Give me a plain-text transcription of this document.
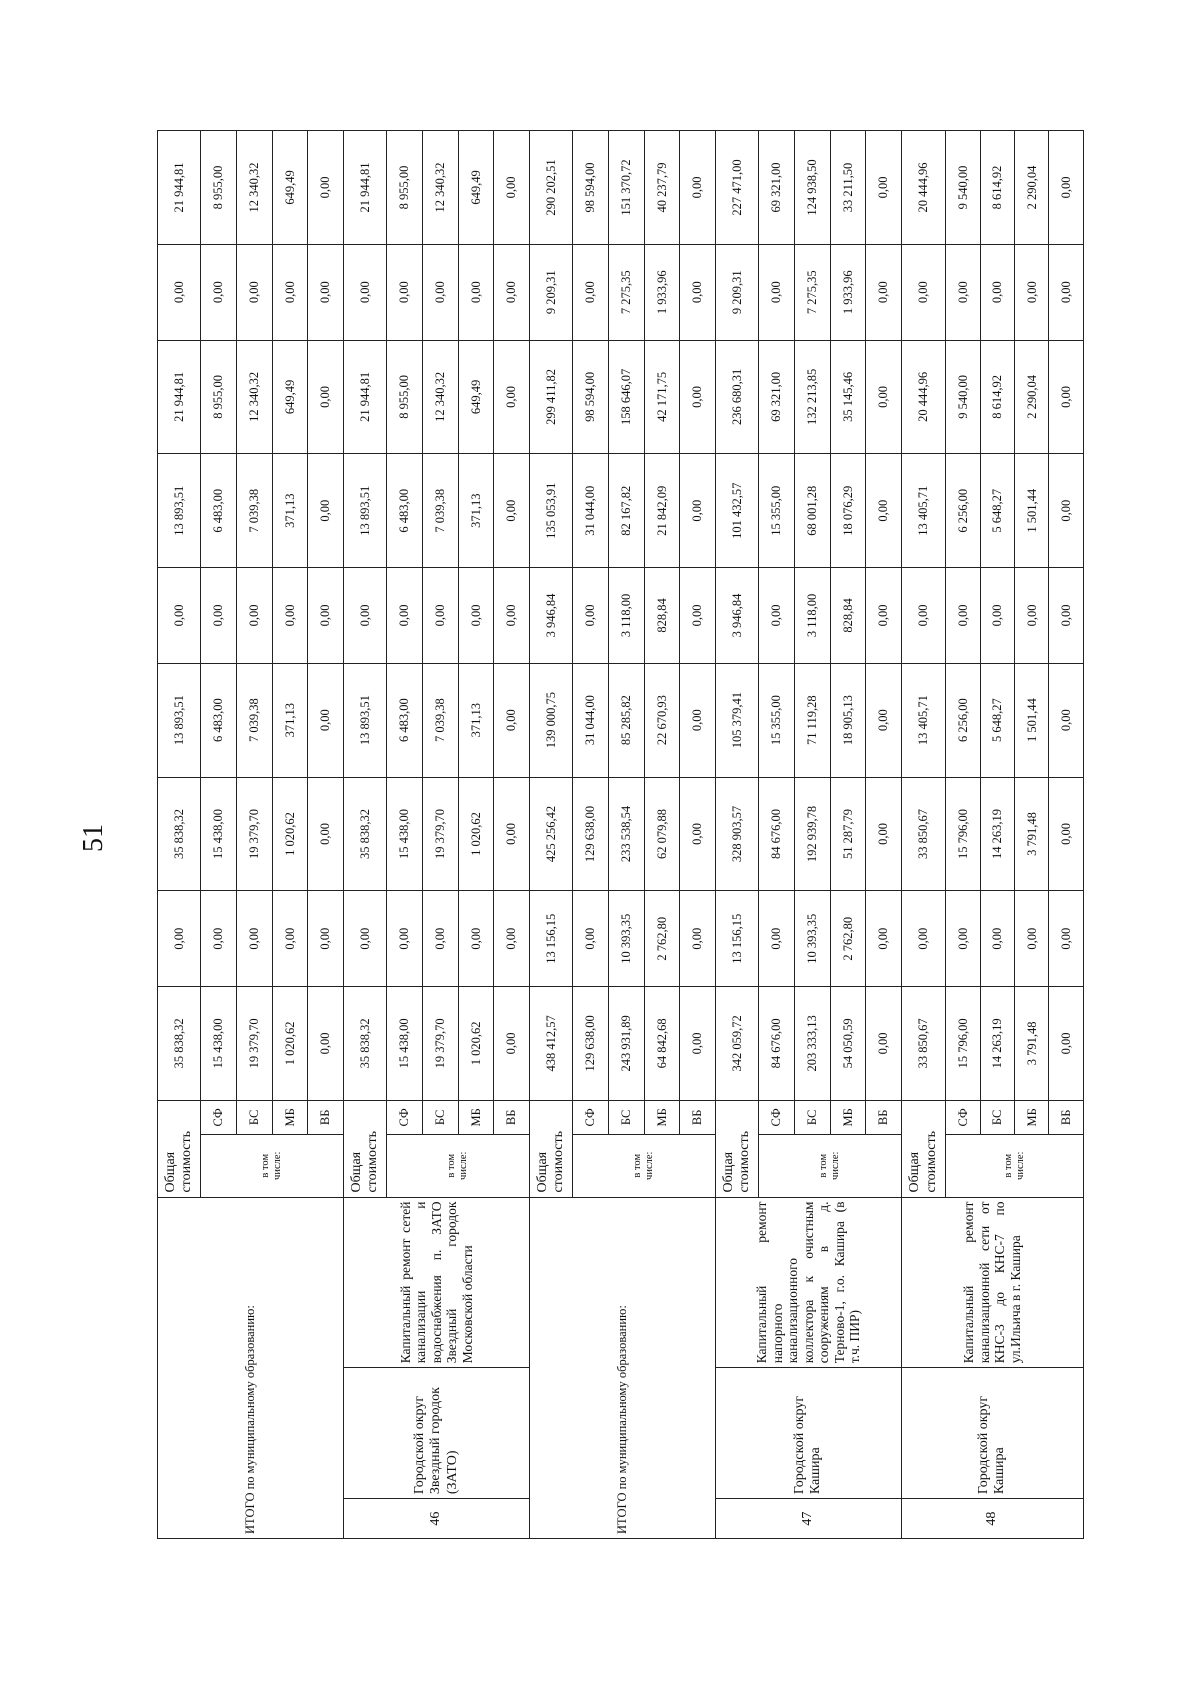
51
ИТОГО по муниципальному образованию:			Общая стоимость		35 838,32	0,00	35 838,32	13 893,51	0,00	13 893,51	21 944,81	0,00	21 944,81
			в том числе:	СФ	15 438,00	0,00	15 438,00	6 483,00	0,00	6 483,00	8 955,00	0,00	8 955,00
				БС	19 379,70	0,00	19 379,70	7 039,38	0,00	7 039,38	12 340,32	0,00	12 340,32
				МБ	1 020,62	0,00	1 020,62	371,13	0,00	371,13	649,49	0,00	649,49
				ВБ	0,00	0,00	0,00	0,00	0,00	0,00	0,00	0,00	0,00
46	Городской округ Звездный городок (ЗАТО)	Капитальный ремонт сетей канализации и водоснабжения п. ЗАТО Звездный городок Московской области	Общая стоимость		35 838,32	0,00	35 838,32	13 893,51	0,00	13 893,51	21 944,81	0,00	21 944,81
			в том числе:	СФ	15 438,00	0,00	15 438,00	6 483,00	0,00	6 483,00	8 955,00	0,00	8 955,00
				БС	19 379,70	0,00	19 379,70	7 039,38	0,00	7 039,38	12 340,32	0,00	12 340,32
				МБ	1 020,62	0,00	1 020,62	371,13	0,00	371,13	649,49	0,00	649,49
				ВБ	0,00	0,00	0,00	0,00	0,00	0,00	0,00	0,00	0,00
ИТОГО по муниципальному образованию:			Общая стоимость		438 412,57	13 156,15	425 256,42	139 000,75	3 946,84	135 053,91	299 411,82	9 209,31	290 202,51
			в том числе:	СФ	129 638,00	0,00	129 638,00	31 044,00	0,00	31 044,00	98 594,00	0,00	98 594,00
				БС	243 931,89	10 393,35	233 538,54	85 285,82	3 118,00	82 167,82	158 646,07	7 275,35	151 370,72
				МБ	64 842,68	2 762,80	62 079,88	22 670,93	828,84	21 842,09	42 171,75	1 933,96	40 237,79
				ВБ	0,00	0,00	0,00	0,00	0,00	0,00	0,00	0,00	0,00
47	Городской округ Кашира	Капитальный ремонт напорного канализационного коллектора к очистным сооружениям в д. Терново-1, г.о. Кашира (в т.ч. ПИР)	Общая стоимость		342 059,72	13 156,15	328 903,57	105 379,41	3 946,84	101 432,57	236 680,31	9 209,31	227 471,00
			в том числе:	СФ	84 676,00	0,00	84 676,00	15 355,00	0,00	15 355,00	69 321,00	0,00	69 321,00
				БС	203 333,13	10 393,35	192 939,78	71 119,28	3 118,00	68 001,28	132 213,85	7 275,35	124 938,50
				МБ	54 050,59	2 762,80	51 287,79	18 905,13	828,84	18 076,29	35 145,46	1 933,96	33 211,50
				ВБ	0,00	0,00	0,00	0,00	0,00	0,00	0,00	0,00	0,00
48	Городской округ Кашира	Капитальный ремонт канализационной сети от КНС-3 до КНС-7 по ул.Ильича в г. Кашира	Общая стоимость		33 850,67	0,00	33 850,67	13 405,71	0,00	13 405,71	20 444,96	0,00	20 444,96
			в том числе:	СФ	15 796,00	0,00	15 796,00	6 256,00	0,00	6 256,00	9 540,00	0,00	9 540,00
				БС	14 263,19	0,00	14 263,19	5 648,27	0,00	5 648,27	8 614,92	0,00	8 614,92
				МБ	3 791,48	0,00	3 791,48	1 501,44	0,00	1 501,44	2 290,04	0,00	2 290,04
				ВБ	0,00	0,00	0,00	0,00	0,00	0,00	0,00	0,00	0,00
